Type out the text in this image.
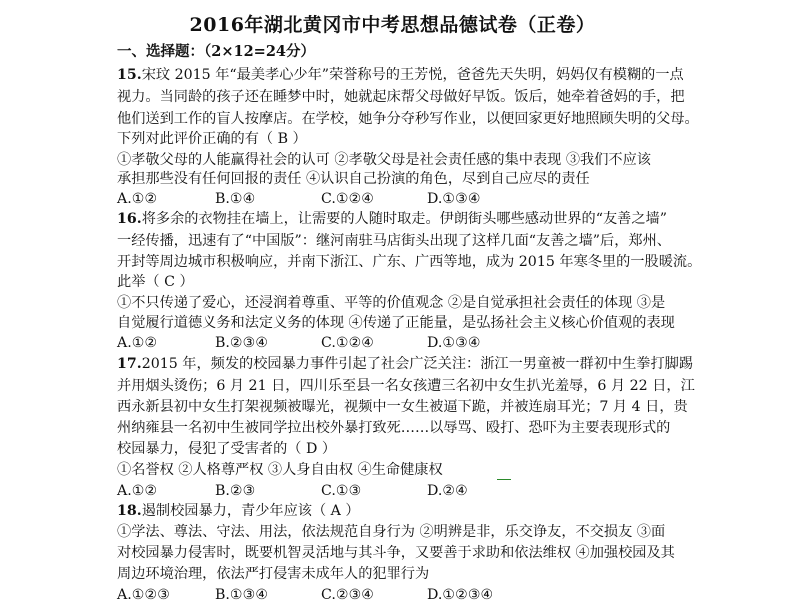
2016年湖北黄冈市中考思想品德试卷（正卷）
一、选择题：（2×12=24分）
15.宋玟 2015 年“最美孝心少年”荣誉称号的王芳悦，爸爸先天失明，妈妈仅有模糊的一点
视力。当同龄的孩子还在睡梦中时，她就起床帮父母做好早饭。饭后，她牵着爸妈的手，把
他们送到工作的盲人按摩店。在学校，她争分夺秒写作业，以便回家更好地照顾失明的父母。
下列对此评价正确的有（ B ）
①孝敬父母的人能赢得社会的认可 ②孝敬父母是社会责任感的集中表现 ③我们不应该
承担那些没有任何回报的责任 ④认识自己扮演的角色，尽到自己应尽的责任
A.①②	B.①④	C.①②④	D.①③④
16.将多余的衣物挂在墙上，让需要的人随时取走。伊朗街头哪些感动世界的“友善之墙”
一经传播，迅速有了“中国版”：继河南驻马店街头出现了这样几面“友善之墙”后，郑州、
开封等周边城市积极响应，并南下浙江、广东、广西等地，成为 2015 年寒冬里的一股暖流。
此举（ C ）
①不只传递了爱心，还浸润着尊重、平等的价值观念 ②是自觉承担社会责任的体现 ③是
自觉履行道德义务和法定义务的体现 ④传递了正能量，是弘扬社会主义核心价值观的表现
A.①②	B.②③④	C.①②④	D.①③④
17.2015 年，频发的校园暴力事件引起了社会广泛关注：浙江一男童被一群初中生拳打脚踢
并用烟头烫伤；6 月 21 日，四川乐至县一名女孩遭三名初中女生扒光羞辱，6 月 22 日，江
西永新县初中女生打架视频被曝光，视频中一女生被逼下跪，并被连扇耳光；7 月 4 日，贵
州纳雍县一名初中生被同学拉出校外暴打致死……以辱骂、殴打、恐吓为主要表现形式的
校园暴力，侵犯了受害者的（ D ）
①名誉权 ②人格尊严权 ③人身自由权 ④生命健康权
A.①②	B.②③	C.①③	D.②④
18.遏制校园暴力，青少年应该（ A ）
①学法、尊法、守法、用法，依法规范自身行为 ②明辨是非，乐交诤友，不交损友 ③面
对校园暴力侵害时，既要机智灵活地与其斗争，又要善于求助和依法维权 ④加强校园及其
周边环境治理，依法严打侵害未成年人的犯罪行为
A.①②③	B.①③④	C.②③④	D.①②③④
